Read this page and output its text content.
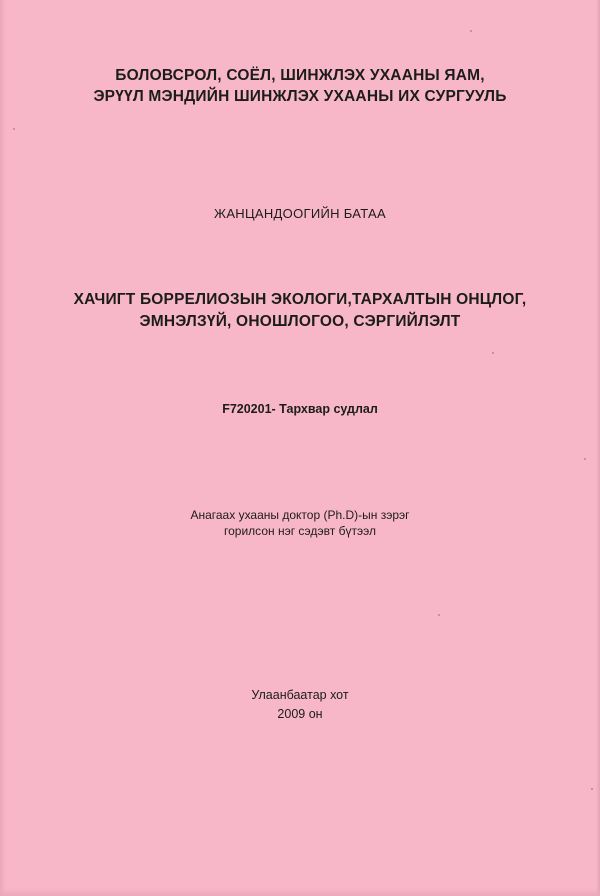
БОЛОВСРОЛ, СОЁЛ, ШИНЖЛЭХ УХААНЫ ЯАМ,
ЭРҮҮЛ МЭНДИЙН ШИНЖЛЭХ УХААНЫ ИХ СУРГУУЛЬ
ЖАНЦАНДООГИЙН БАТАА
ХАЧИГТ БОРРЕЛИОЗЫН ЭКОЛОГИ,ТАРХАЛТЫН ОНЦЛОГ,
ЭМНЭЛЗҮЙ, ОНОШЛОГОО, СЭРГИЙЛЭЛТ
F720201- Тархвар судлал
Анагаах ухааны доктор (Ph.D)-ын зэрэг
горилсон нэг сэдэвт бүтээл
Улаанбаатар хот
2009 он
